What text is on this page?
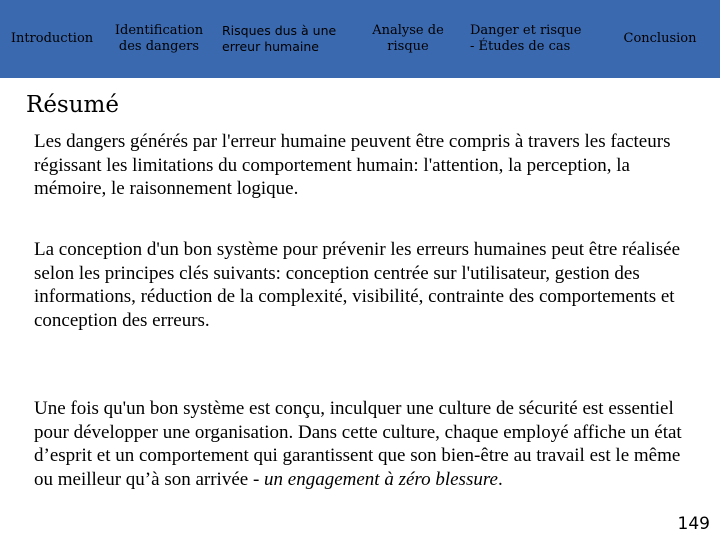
Introduction
Identification
des dangers
Risques dus à une
erreur humaine
Analyse de
risque
Danger et risque
- Études de cas
Conclusion
Résumé

Les dangers générés par l'erreur humaine peuvent être compris à travers les facteurs régissant les limitations du comportement humain: l'attention, la perception, la mémoire, le raisonnement logique.

La conception d'un bon système pour prévenir les erreurs humaines peut être réalisée selon les principes clés suivants: conception centrée sur l'utilisateur, gestion des informations, réduction de la complexité, visibilité, contrainte des comportements et conception des erreurs.

Une fois qu'un bon système est conçu, inculquer une culture de sécurité est essentiel pour développer une organisation. Dans cette culture, chaque employé affiche un état d’esprit et un comportement qui garantissent que son bien-être au travail est le même ou meilleur qu’à son arrivée - un engagement à zéro blessure.

149
